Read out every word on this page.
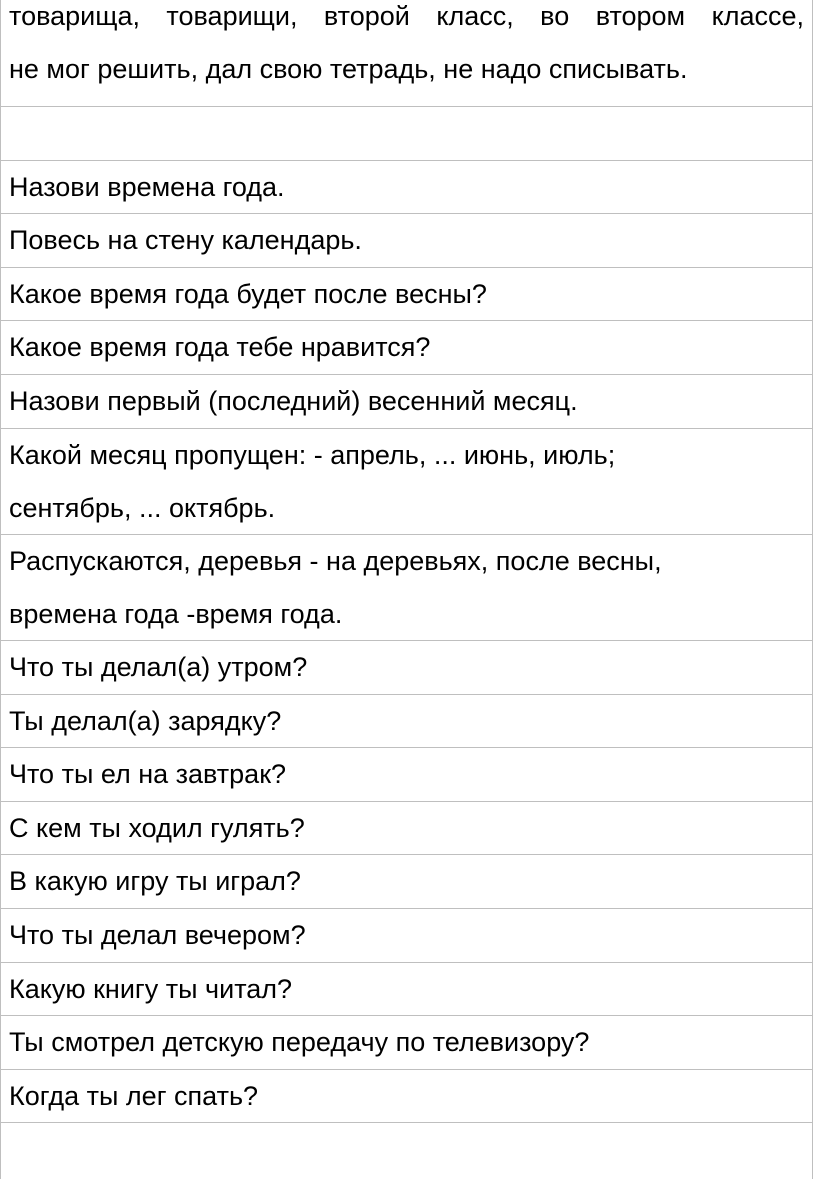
товарища, товарищи, второй класс, во втором классе,
не мог решить, дал свою тетрадь, не надо списывать.
Назови времена года.
Повесь на стену календарь.
Какое время года будет после весны?
Какое время года тебе нравится?
Назови первый (последний) весенний месяц.
Какой месяц пропущен: - апрель, ... июнь, июль;
сентябрь, ... октябрь.
Распускаются, деревья - на деревьях, после весны,
времена года -время года.
Что ты делал(а) утром?
Ты делал(а) зарядку?
Что ты ел на завтрак?
С кем ты ходил гулять?
В какую игру ты играл?
Что ты делал вечером?
Какую книгу ты читал?
Ты смотрел детскую передачу по телевизору?
Когда ты лег спать?
